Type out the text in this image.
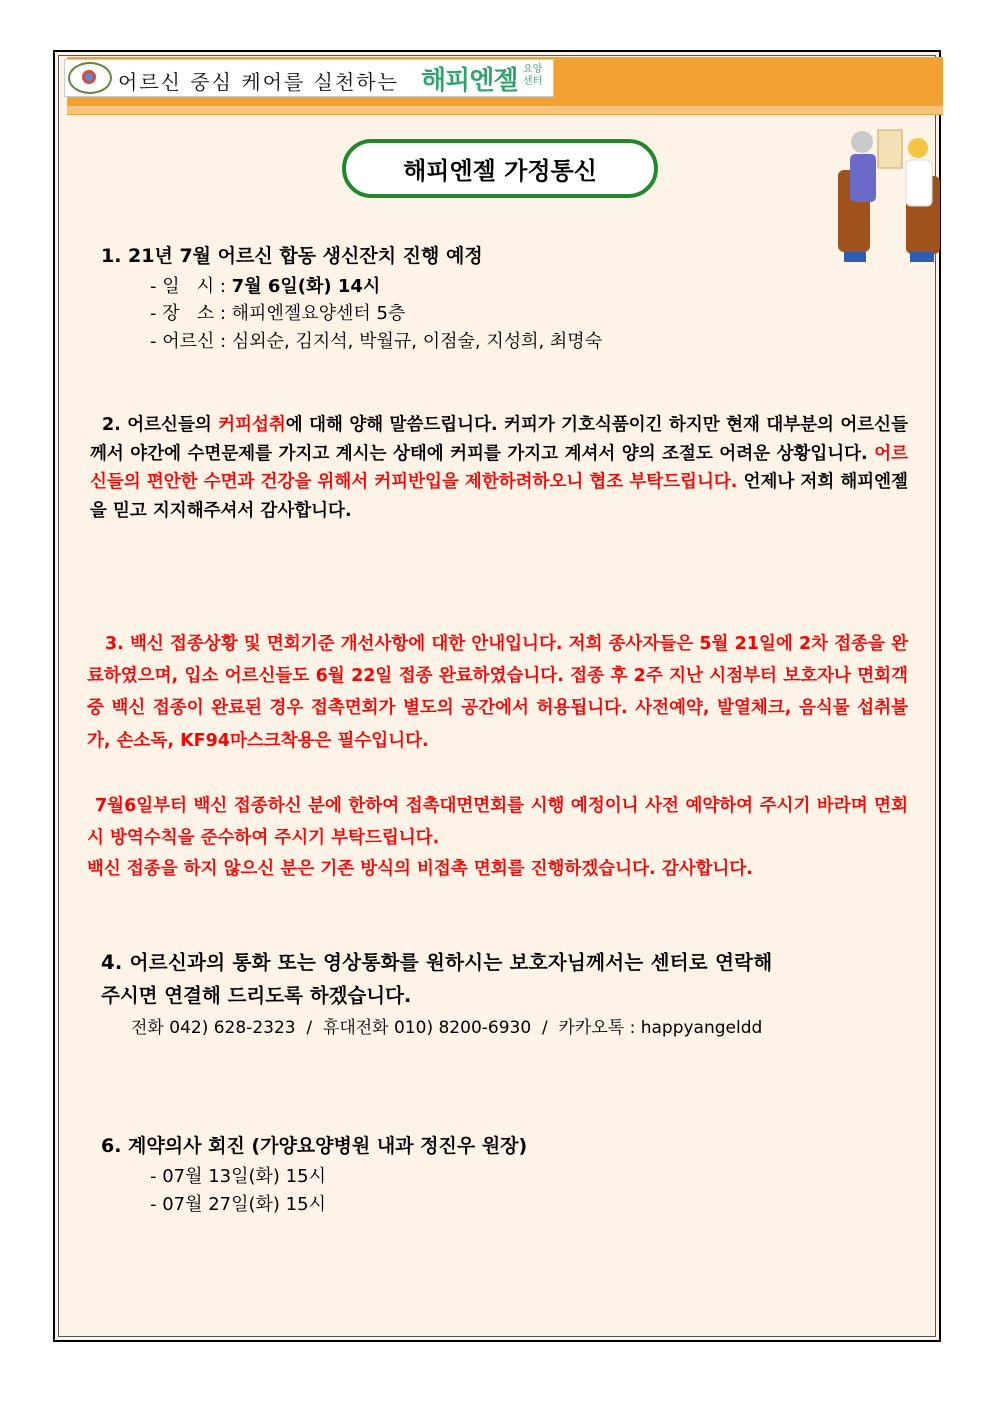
어르신 중심 케어를 실천하는 해피엔젤 요양
센터
해피엔젤 가정통신
1. 21년 7월 어르신 합동 생신잔치 진행 예정
- 일   시 : 7월 6일(화) 14시
- 장   소 : 해피엔젤요양센터 5층
- 어르신 : 심외순, 김지석, 박월규, 이점술, 지성희, 최명숙
2. 어르신들의 커피섭취에 대해 양해 말씀드립니다. 커피가 기호식품이긴 하지만 현재 대부분의 어르신들께서 야간에 수면문제를 가지고 계시는 상태에 커피를 가지고 계셔서 양의 조절도 어려운 상황입니다. 어르신들의 편안한 수면과 건강을 위해서 커피반입을 제한하려하오니 협조 부탁드립니다. 언제나 저희 해피엔젤을 믿고 지지해주셔서 감사합니다.
3. 백신 접종상황 및 면회기준 개선사항에 대한 안내입니다. 저희 종사자들은 5월 21일에 2차 접종을 완료하였으며, 입소 어르신들도 6월 22일 접종 완료하였습니다. 접종 후 2주 지난 시점부터 보호자나 면회객 중 백신 접종이 완료된 경우 접촉면회가 별도의 공간에서 허용됩니다. 사전예약, 발열체크, 음식물 섭취불가, 손소독, KF94마스크착용은 필수입니다.
7월6일부터 백신 접종하신 분에 한하여 접촉대면면회를 시행 예정이니 사전 예약하여 주시기 바라며 면회 시 방역수칙을 준수하여 주시기 부탁드립니다.
백신 접종을 하지 않으신 분은 기존 방식의 비접촉 면회를 진행하겠습니다. 감사합니다.
4. 어르신과의 통화 또는 영상통화를 원하시는 보호자님께서는 센터로 연락해
주시면 연결해 드리도록 하겠습니다.
전화 042) 628-2323  /  휴대전화 010) 8200-6930  /  카카오톡 : happyangeldd
6. 계약의사 회진 (가양요양병원 내과 정진우 원장)
- 07월 13일(화) 15시
- 07월 27일(화) 15시
